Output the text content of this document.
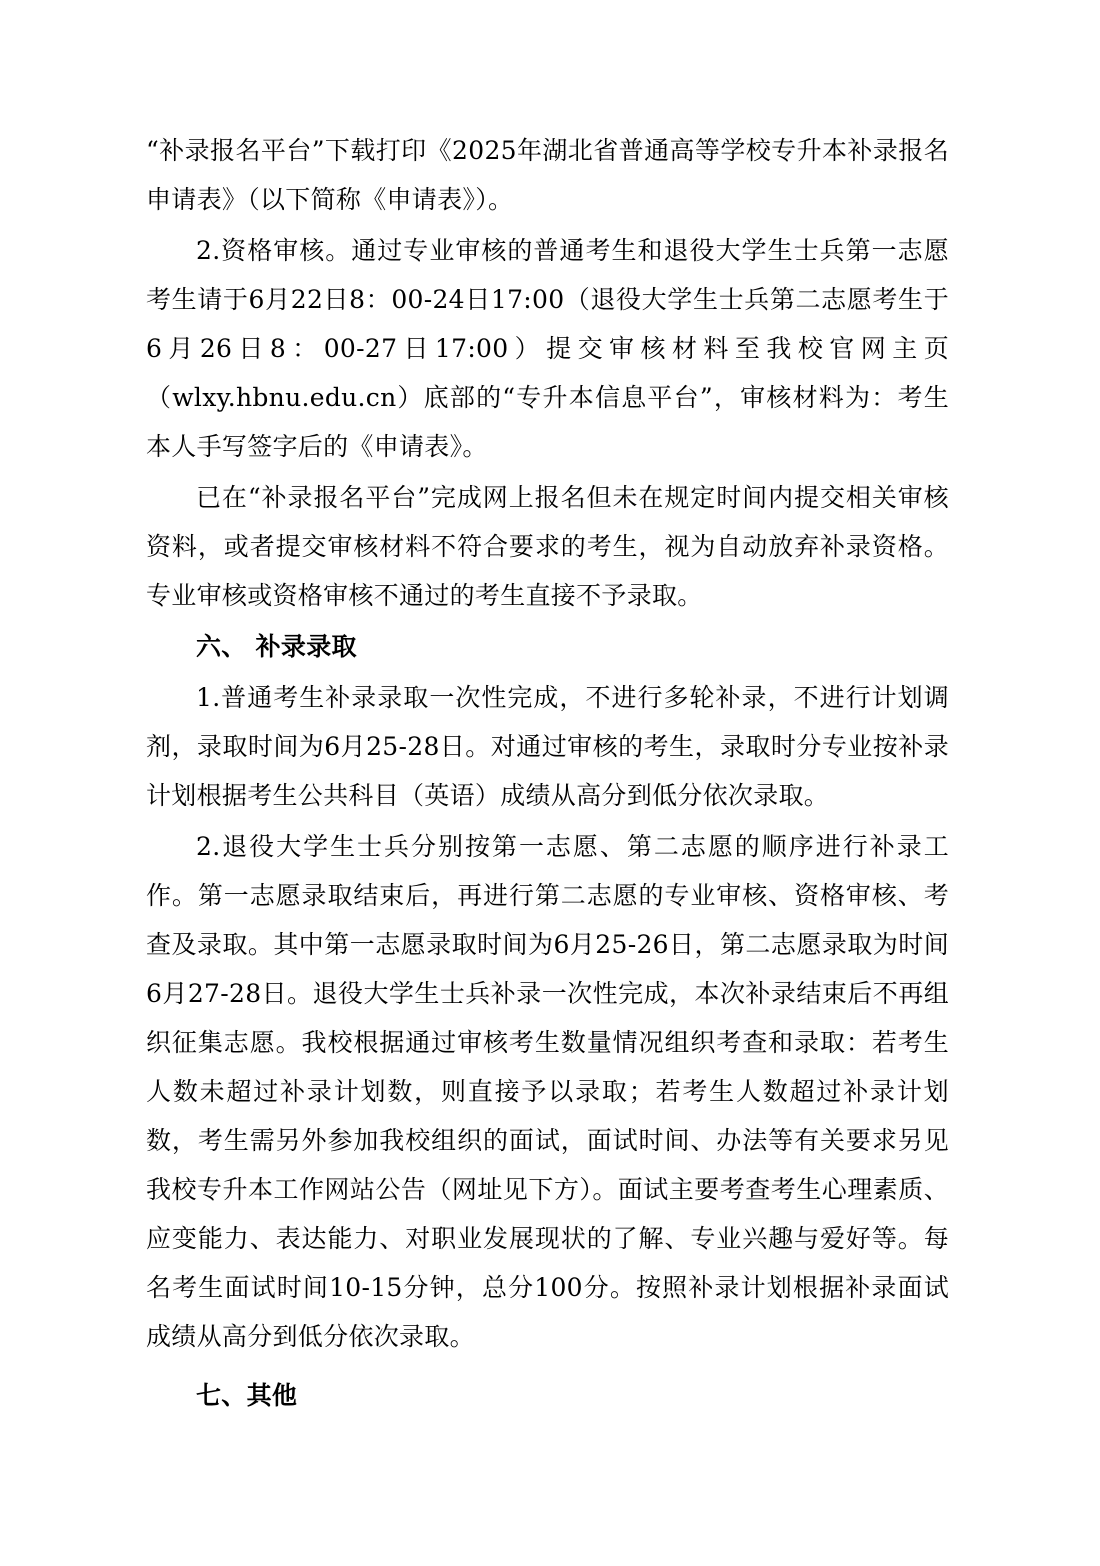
“补录报名平台”下载打印《2025年湖北省普通高等学校专升本补录报名申请表》（以下简称《申请表》）。

2.资格审核。通过专业审核的普通考生和退役大学生士兵第一志愿考生请于6月22日8：00-24日17:00（退役大学生士兵第二志愿考生于6月26日8：00-27日17:00）提交审核材料至我校官网主页（wlxy.hbnu.edu.cn）底部的“专升本信息平台”，审核材料为：考生本人手写签字后的《申请表》。

已在“补录报名平台”完成网上报名但未在规定时间内提交相关审核资料，或者提交审核材料不符合要求的考生，视为自动放弃补录资格。专业审核或资格审核不通过的考生直接不予录取。

六、 补录录取

1.普通考生补录录取一次性完成，不进行多轮补录，不进行计划调剂，录取时间为6月25-28日。对通过审核的考生，录取时分专业按补录计划根据考生公共科目（英语）成绩从高分到低分依次录取。

2.退役大学生士兵分别按第一志愿、第二志愿的顺序进行补录工作。第一志愿录取结束后，再进行第二志愿的专业审核、资格审核、考查及录取。其中第一志愿录取时间为6月25-26日，第二志愿录取为时间6月27-28日。退役大学生士兵补录一次性完成，本次补录结束后不再组织征集志愿。我校根据通过审核考生数量情况组织考查和录取：若考生人数未超过补录计划数，则直接予以录取；若考生人数超过补录计划数，考生需另外参加我校组织的面试，面试时间、办法等有关要求另见我校专升本工作网站公告（网址见下方）。面试主要考查考生心理素质、应变能力、表达能力、对职业发展现状的了解、专业兴趣与爱好等。每名考生面试时间10-15分钟，总分100分。按照补录计划根据补录面试成绩从高分到低分依次录取。

七、其他
